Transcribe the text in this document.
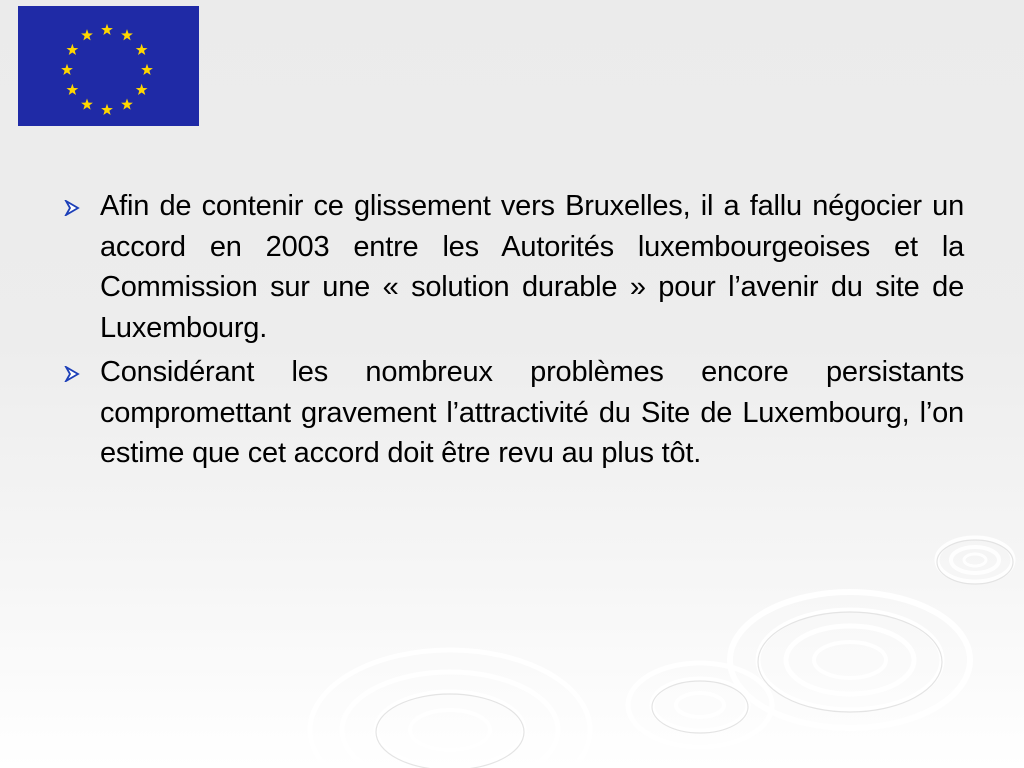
Afin de contenir ce glissement vers Bruxelles, il a fallu négocier un accord en 2003 entre les Autorités luxembourgeoises et la Commission sur une « solution durable » pour l’avenir du site de Luxembourg.

Considérant les nombreux problèmes encore persistants compromettant gravement l’attractivité du Site de Luxembourg, l’on estime que cet accord doit être revu au plus tôt.
